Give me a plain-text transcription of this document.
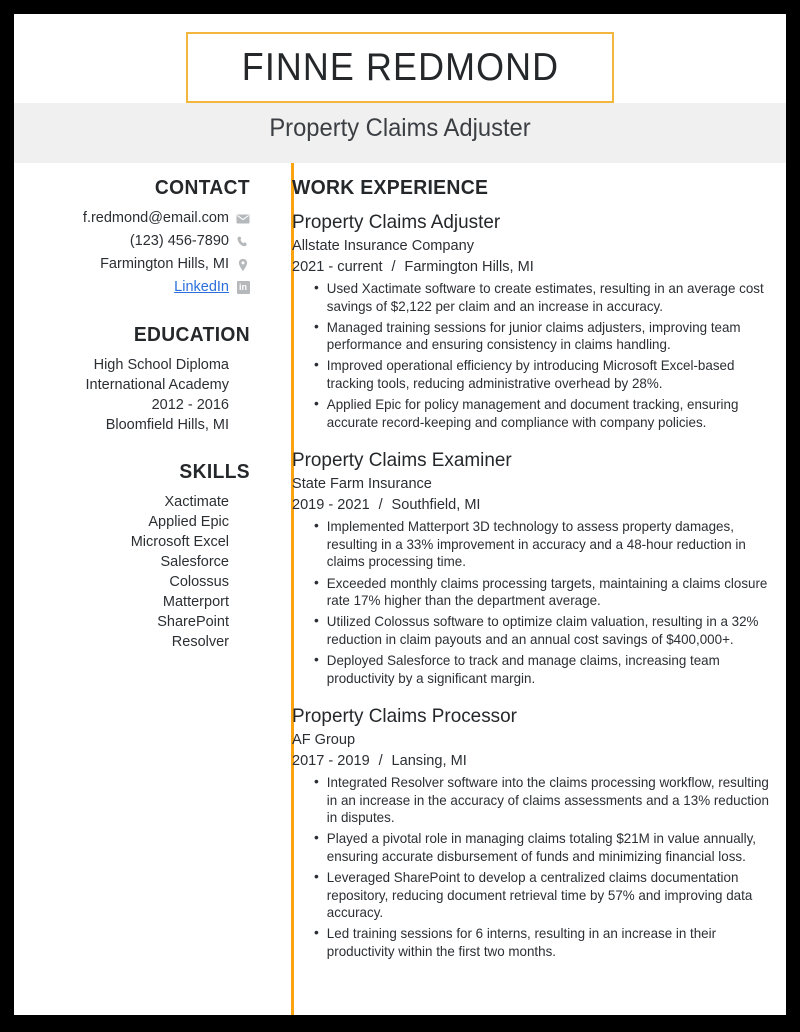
FINNE REDMOND
Property Claims Adjuster
CONTACT
f.redmond@email.com
(123) 456-7890
Farmington Hills, MI
LinkedIn in
EDUCATION
High School Diploma
International Academy
2012 - 2016
Bloomfield Hills, MI
SKILLS
Xactimate
Applied Epic
Microsoft Excel
Salesforce
Colossus
Matterport
SharePoint
Resolver
WORK EXPERIENCE
Property Claims Adjuster
Allstate Insurance Company
2021 - current / Farmington Hills, MI
• Used Xactimate software to create estimates, resulting in an average cost savings of $2,122 per claim and an increase in accuracy.
• Managed training sessions for junior claims adjusters, improving team performance and ensuring consistency in claims handling.
• Improved operational efficiency by introducing Microsoft Excel-based tracking tools, reducing administrative overhead by 28%.
• Applied Epic for policy management and document tracking, ensuring accurate record-keeping and compliance with company policies.
Property Claims Examiner
State Farm Insurance
2019 - 2021 / Southfield, MI
• Implemented Matterport 3D technology to assess property damages, resulting in a 33% improvement in accuracy and a 48-hour reduction in claims processing time.
• Exceeded monthly claims processing targets, maintaining a claims closure rate 17% higher than the department average.
• Utilized Colossus software to optimize claim valuation, resulting in a 32% reduction in claim payouts and an annual cost savings of $400,000+.
• Deployed Salesforce to track and manage claims, increasing team productivity by a significant margin.
Property Claims Processor
AF Group
2017 - 2019 / Lansing, MI
• Integrated Resolver software into the claims processing workflow, resulting in an increase in the accuracy of claims assessments and a 13% reduction in disputes.
• Played a pivotal role in managing claims totaling $21M in value annually, ensuring accurate disbursement of funds and minimizing financial loss.
• Leveraged SharePoint to develop a centralized claims documentation repository, reducing document retrieval time by 57% and improving data accuracy.
• Led training sessions for 6 interns, resulting in an increase in their productivity within the first two months.
